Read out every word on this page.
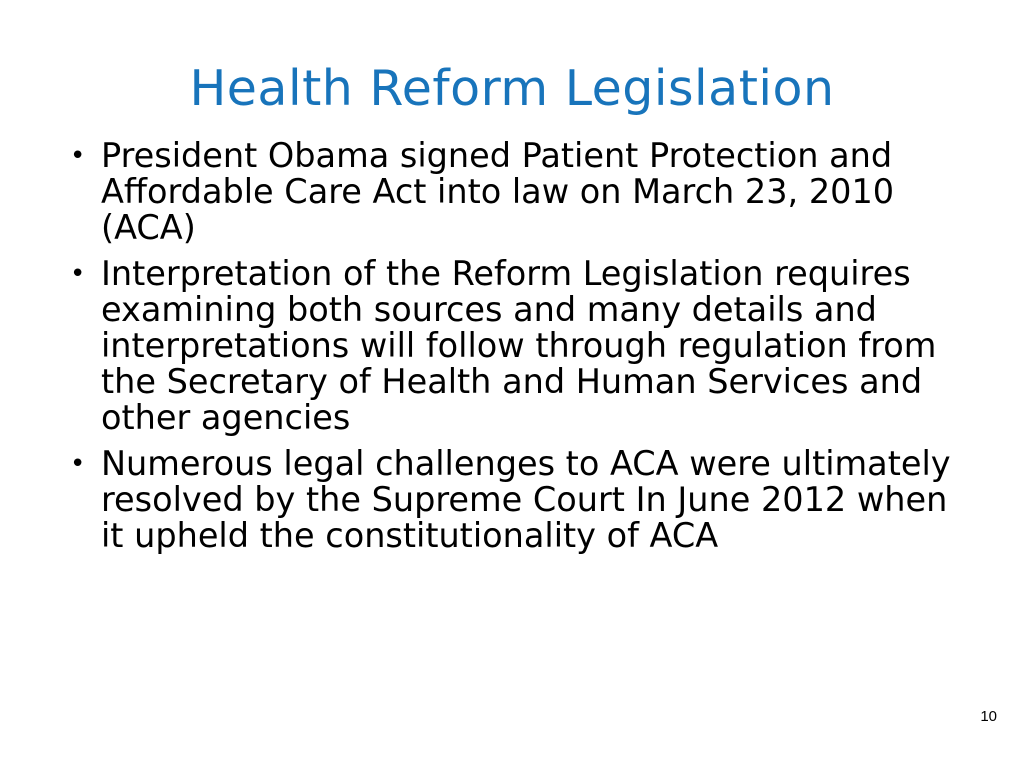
Health Reform Legislation
• President Obama signed Patient Protection and Affordable Care Act into law on March 23, 2010 (ACA)
• Interpretation of the Reform Legislation requires examining both sources and many details and interpretations will follow through regulation from the Secretary of Health and Human Services and other agencies
• Numerous legal challenges to ACA were ultimately resolved by the Supreme Court In June 2012 when it upheld the constitutionality of ACA
10
